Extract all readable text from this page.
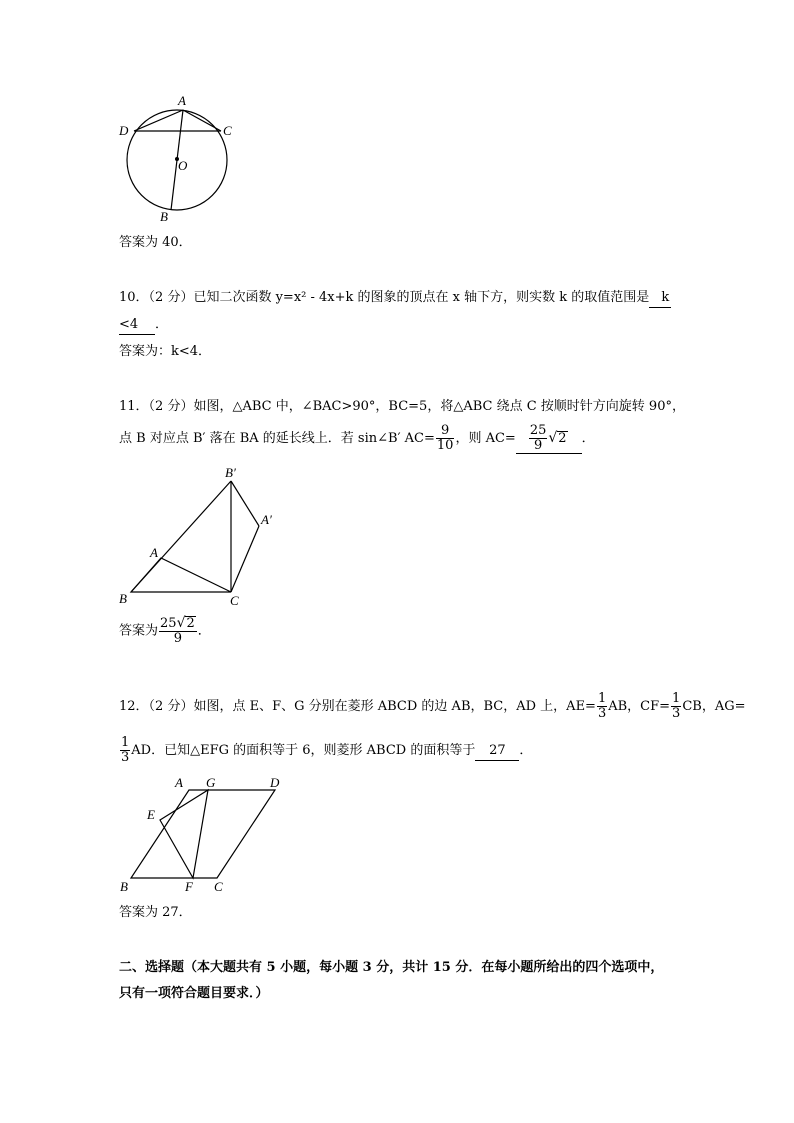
A
D	C
O
B
答案为 40．
10．（2 分）已知二次函数 y=x² - 4x+k 的图象的顶点在 x 轴下方，则实数 k 的取值范围是 k
<4 ．
答案为：k<4．
11．（2 分）如图，△ABC 中，∠BAC>90°，BC=5，将△ABC 绕点 C 按顺时针方向旋转 90°，
点 B 对应点 B′ 落在 BA 的延长线上．若 sin∠B′ $AC= \frac{9}{10}$ ，则 $AC= \frac{25}{9} √2$ ．
B′
A′
A
B	C
答案为 $\frac{25√2}{9}$ ．
12．（2 分）如图，点 E、F、G 分别在菱形 ABCD 的边 AB，BC，AD 上，$AE= \frac{1}{3}$ AB，$CF= \frac{1}{3}$ CB，AG=
$\frac{1}{3}$ AD．已知△EFG 的面积等于 6，则菱形 ABCD 的面积等于 27 ．
A G	D
E
B	F C
答案为 27．
二、选择题（本大题共有 5 小题，每小题 3 分，共计 15 分．在每小题所给出的四个选项中，
只有一项符合题目要求．）
